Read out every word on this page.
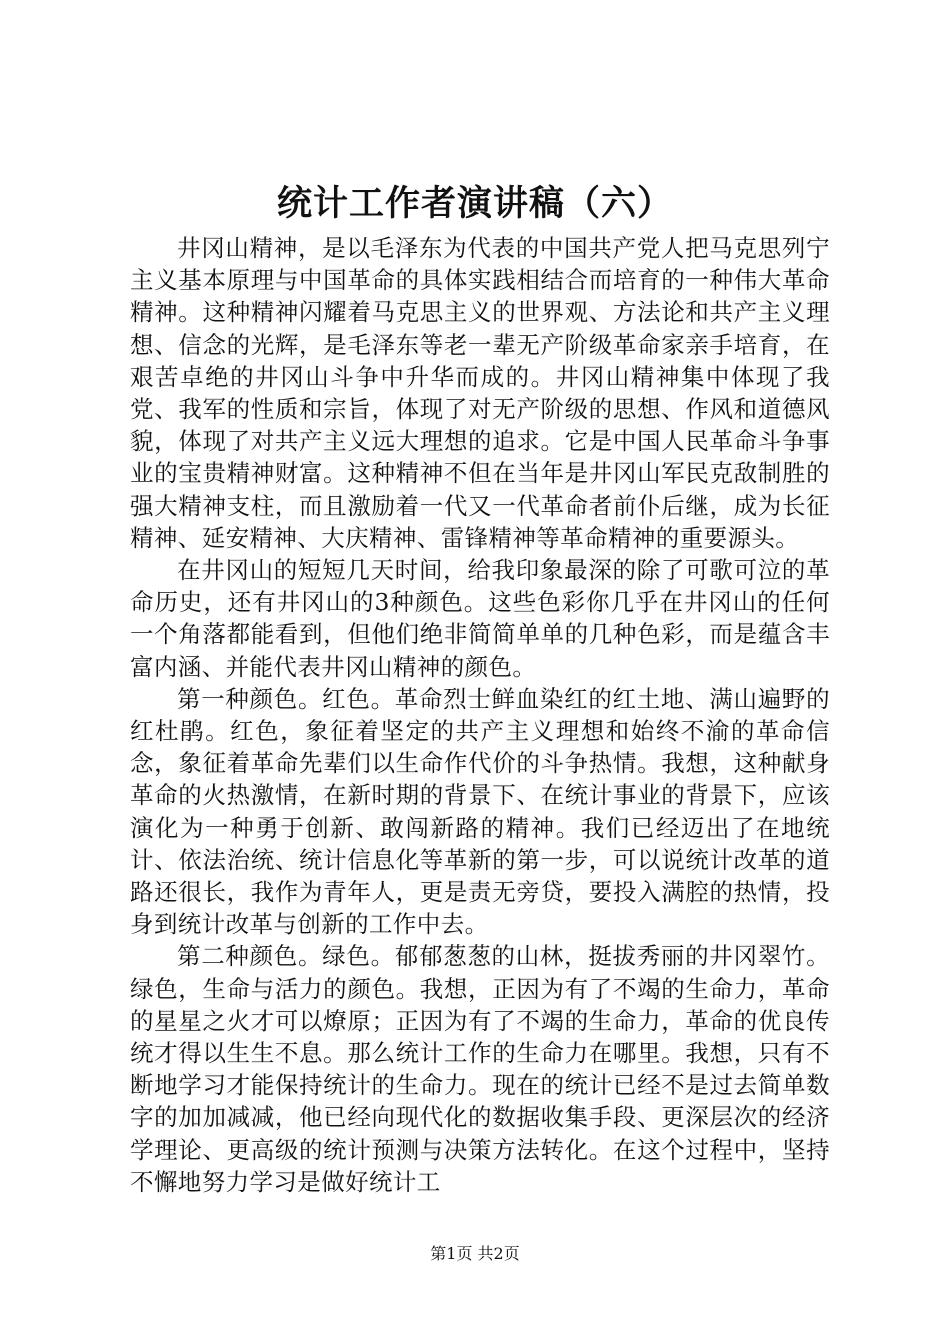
统计工作者演讲稿（六）

井冈山精神，是以毛泽东为代表的中国共产党人把马克思列宁主义基本原理与中国革命的具体实践相结合而培育的一种伟大革命精神。这种精神闪耀着马克思主义的世界观、方法论和共产主义理想、信念的光辉，是毛泽东等老一辈无产阶级革命家亲手培育，在艰苦卓绝的井冈山斗争中升华而成的。井冈山精神集中体现了我党、我军的性质和宗旨，体现了对无产阶级的思想、作风和道德风貌，体现了对共产主义远大理想的追求。它是中国人民革命斗争事业的宝贵精神财富。这种精神不但在当年是井冈山军民克敌制胜的强大精神支柱，而且激励着一代又一代革命者前仆后继，成为长征精神、延安精神、大庆精神、雷锋精神等革命精神的重要源头。

在井冈山的短短几天时间，给我印象最深的除了可歌可泣的革命历史，还有井冈山的3种颜色。这些色彩你几乎在井冈山的任何一个角落都能看到，但他们绝非简简单单的几种色彩，而是蕴含丰富内涵、并能代表井冈山精神的颜色。

第一种颜色。红色。革命烈士鲜血染红的红土地、满山遍野的红杜鹃。红色，象征着坚定的共产主义理想和始终不渝的革命信念，象征着革命先辈们以生命作代价的斗争热情。我想，这种献身革命的火热激情，在新时期的背景下、在统计事业的背景下，应该演化为一种勇于创新、敢闯新路的精神。我们已经迈出了在地统计、依法治统、统计信息化等革新的第一步，可以说统计改革的道路还很长，我作为青年人，更是责无旁贷，要投入满腔的热情，投身到统计改革与创新的工作中去。

第二种颜色。绿色。郁郁葱葱的山林，挺拔秀丽的井冈翠竹。绿色，生命与活力的颜色。我想，正因为有了不竭的生命力，革命的星星之火才可以燎原；正因为有了不竭的生命力，革命的优良传统才得以生生不息。那么统计工作的生命力在哪里。我想，只有不断地学习才能保持统计的生命力。现在的统计已经不是过去简单数字的加加减减，他已经向现代化的数据收集手段、更深层次的经济学理论、更高级的统计预测与决策方法转化。在这个过程中，坚持不懈地努力学习是做好统计工

第1页 共2页
